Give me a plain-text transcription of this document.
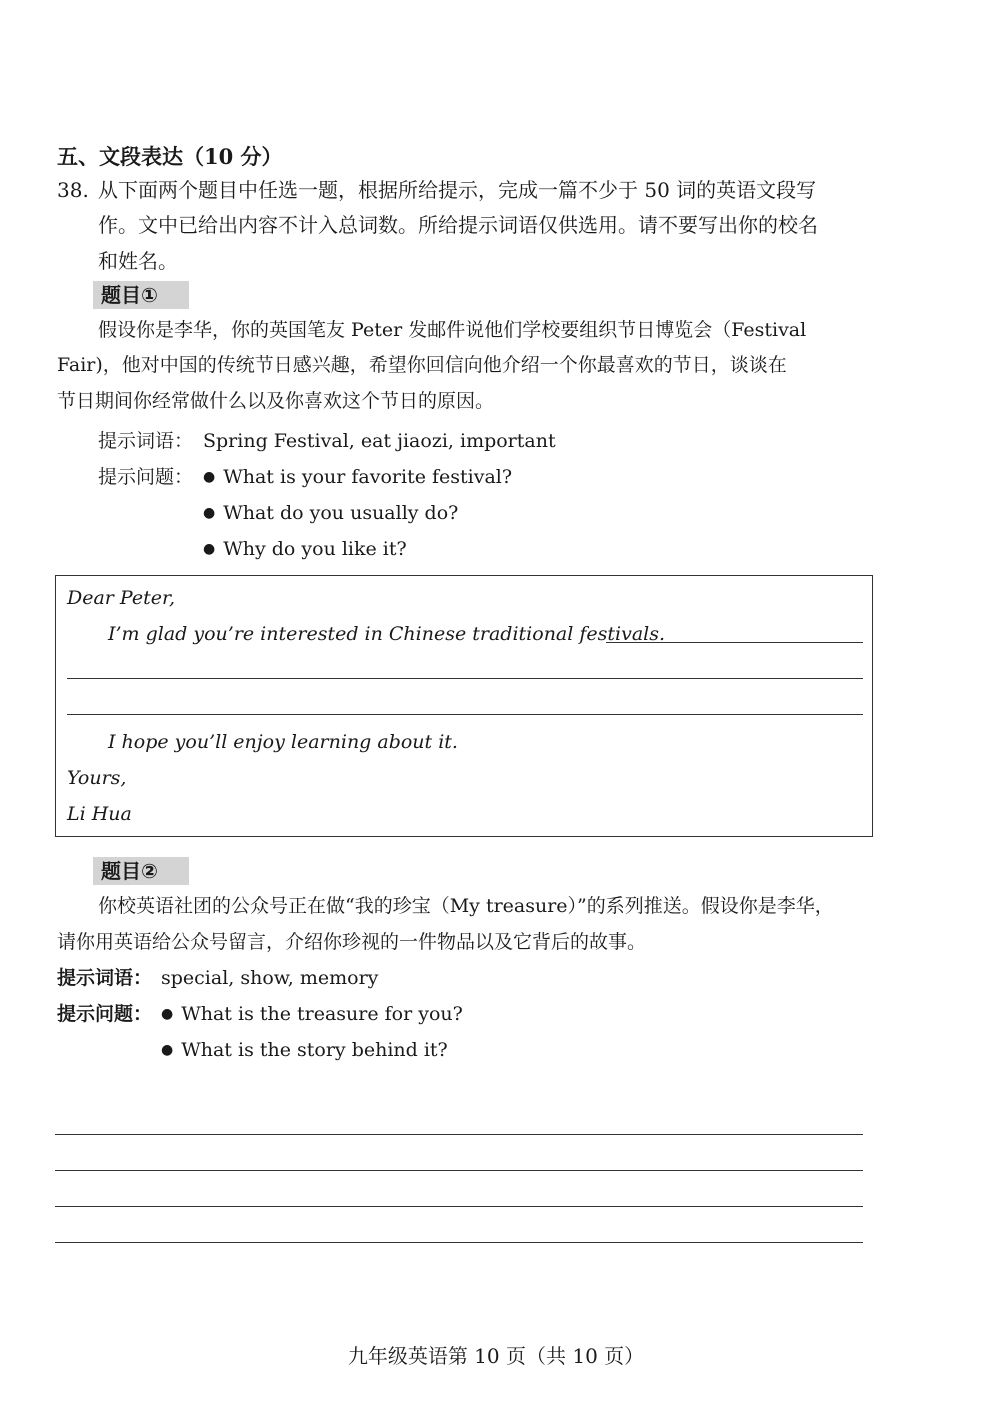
五、文段表达（10 分）
38. 从下面两个题目中任选一题，根据所给提示，完成一篇不少于 50 词的英语文段写
作。文中已给出内容不计入总词数。所给提示词语仅供选用。请不要写出你的校名
和姓名。
题目①
假设你是李华，你的英国笔友 Peter 发邮件说他们学校要组织节日博览会（Festival
Fair)，他对中国的传统节日感兴趣，希望你回信向他介绍一个你最喜欢的节日，谈谈在
节日期间你经常做什么以及你喜欢这个节日的原因。
提示词语： Spring Festival, eat jiaozi, important
提示问题：	● What is your favorite festival?
● What do you usually do?
● Why do you like it?
Dear Peter,
I’m glad you’re interested in Chinese traditional festivals.
I hope you’ll enjoy learning about it.
Yours,
Li Hua
题目②
你校英语社团的公众号正在做“我的珍宝（My treasure）”的系列推送。假设你是李华，
请你用英语给公众号留言，介绍你珍视的一件物品以及它背后的故事。
提示词语： special, show, memory
提示问题：	● What is the treasure for you?
● What is the story behind it?
九年级英语第 10 页（共 10 页）
